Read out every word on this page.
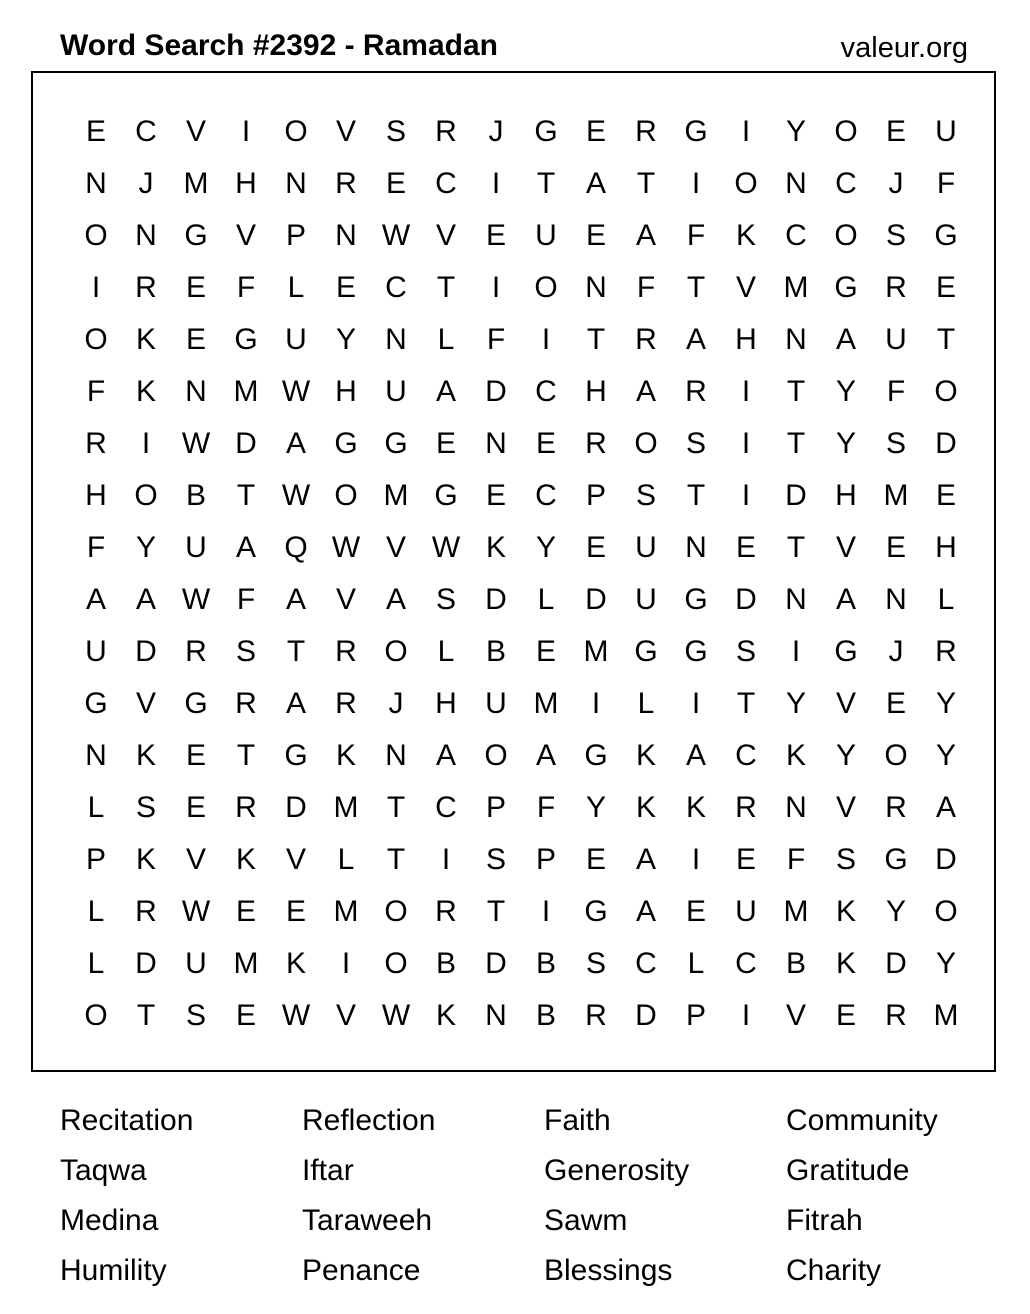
Word Search #2392 - Ramadan	valeur.org
E C V	I	O V S R	J	G E R G	I	Y O E U
N	J	M H N R E C	I	T	A	T	I	O N C	J	F
O N G V P N W V E U E A	F	K C O S G
I	R E	F	L	E C	T	I	O N	F	T	V M G R E
O K E G U Y N	L	F	I	T	R A H N A U	T
F	K N M W H U A D C H A R	I	T	Y	F O
R	I	W D A G G E N E R O S	I	T	Y S D
H O B	T W O M G E C P S	T	I	D H M E
F	Y U A Q W V W K Y E U N E	T	V E H
A A W F	A V A S D	L	D U G D N A N	L
U D R S	T	R O L	B E M G G S	I	G	J	R
G V G R A R	J	H U M	I	L	I	T	Y V E Y
N K E	T G K N A O A G K A C K Y O Y
L	S E R D M T	C P	F	Y K K R N V R A
P K V K V	L	T	I	S P E A	I	E	F	S G D
L	R W E E M O R	T	I	G A E U M K Y O
L	D U M K	I	O B D B S C	L	C B K D Y
O T	S E W V W K N B R D P	I	V E R M
Recitation	Reflection	Faith	Community
Taqwa	Iftar	Generosity	Gratitude
Medina	Taraweeh	Sawm	Fitrah
Humility	Penance	Blessings	Charity
